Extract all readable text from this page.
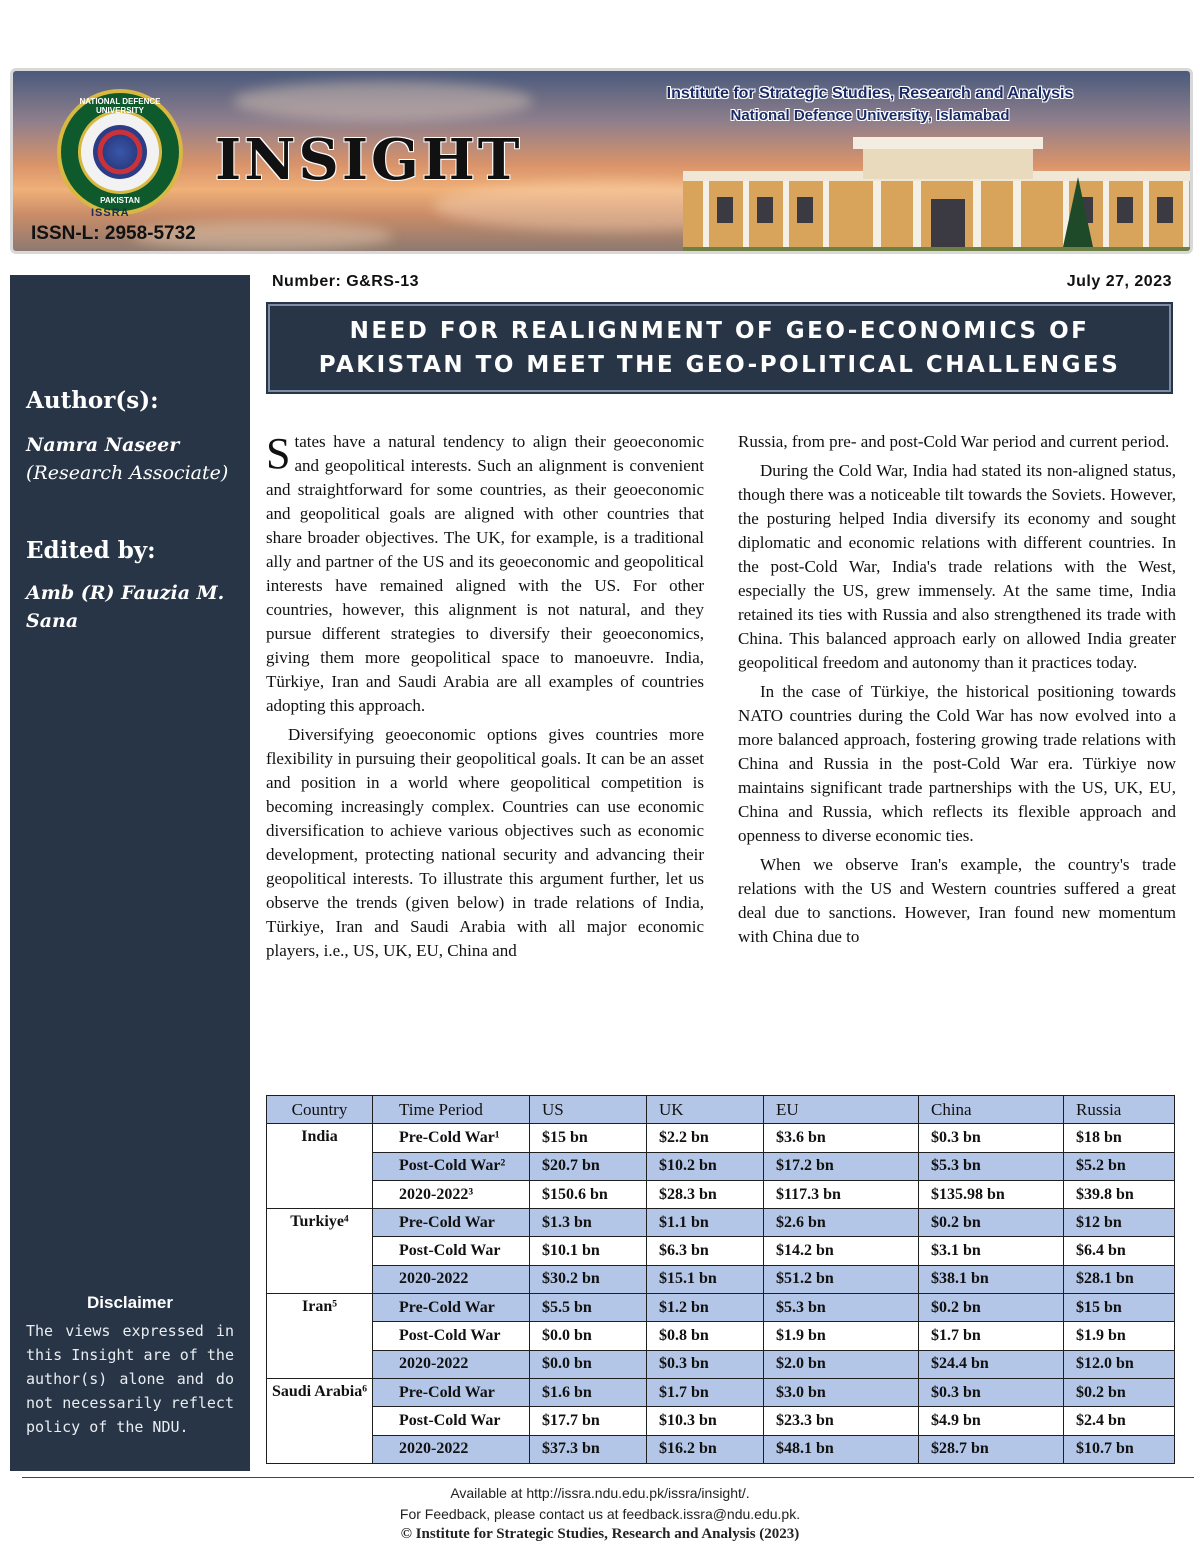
NATIONAL DEFENCE UNIVERSITY
PAKISTAN
ISSRA
ISSN-L: 2958-5732
INSIGHT
Institute for Strategic Studies, Research and Analysis
National Defence University, Islamabad
Author(s):
Namra Naseer
(Research Associate)
Edited by:
Amb (R) Fauzia M. Sana
Disclaimer
The views expressed in this Insight are of the author(s) alone and do not necessarily reflect policy of the NDU.
Number: G&RS-13	July 27, 2023
NEED FOR REALIGNMENT OF GEO-ECONOMICS OF
PAKISTAN TO MEET THE GEO-POLITICAL CHALLENGES

States have a natural tendency to align their geoeconomic and geopolitical interests. Such an alignment is convenient and straightforward for some countries, as their geoeconomic and geopolitical goals are aligned with other countries that share broader objectives. The UK, for example, is a traditional ally and partner of the US and its geoeconomic and geopolitical interests have remained aligned with the US. For other countries, however, this alignment is not natural, and they pursue different strategies to diversify their geoeconomics, giving them more geopolitical space to manoeuvre. India, Türkiye, Iran and Saudi Arabia are all examples of countries adopting this approach.

Diversifying geoeconomic options gives countries more flexibility in pursuing their geopolitical goals. It can be an asset and position in a world where geopolitical competition is becoming increasingly complex. Countries can use economic diversification to achieve various objectives such as economic development, protecting national security and advancing their geopolitical interests. To illustrate this argument further, let us observe the trends (given below) in trade relations of India, Türkiye, Iran and Saudi Arabia with all major economic players, i.e., US, UK, EU, China and

Russia, from pre- and post-Cold War period and current period.

During the Cold War, India had stated its non-aligned status, though there was a noticeable tilt towards the Soviets. However, the posturing helped India diversify its economy and sought diplomatic and economic relations with different countries. In the post-Cold War, India's trade relations with the West, especially the US, grew immensely. At the same time, India retained its ties with Russia and also strengthened its trade with China. This balanced approach early on allowed India greater geopolitical freedom and autonomy than it practices today.

In the case of Türkiye, the historical positioning towards NATO countries during the Cold War has now evolved into a more balanced approach, fostering growing trade relations with China and Russia in the post-Cold War era. Türkiye now maintains significant trade partnerships with the US, UK, EU, China and Russia, which reflects its flexible approach and openness to diverse economic ties.

When we observe Iran's example, the country's trade relations with the US and Western countries suffered a great deal due to sanctions. However, Iran found new momentum with China due to

Country	Time Period	US	UK	EU	China	Russia
India	Pre-Cold War¹	$15 bn	$2.2 bn	$3.6 bn	$0.3 bn	$18 bn
	Post-Cold War²	$20.7 bn	$10.2 bn	$17.2 bn	$5.3 bn	$5.2 bn
	2020-2022³	$150.6 bn	$28.3 bn	$117.3 bn	$135.98 bn	$39.8 bn
Turkiye⁴	Pre-Cold War	$1.3 bn	$1.1 bn	$2.6 bn	$0.2 bn	$12 bn
	Post-Cold War	$10.1 bn	$6.3 bn	$14.2 bn	$3.1 bn	$6.4 bn
	2020-2022	$30.2 bn	$15.1 bn	$51.2 bn	$38.1 bn	$28.1 bn
Iran⁵	Pre-Cold War	$5.5 bn	$1.2 bn	$5.3 bn	$0.2 bn	$15 bn
	Post-Cold War	$0.0 bn	$0.8 bn	$1.9 bn	$1.7 bn	$1.9 bn
	2020-2022	$0.0 bn	$0.3 bn	$2.0 bn	$24.4 bn	$12.0 bn
Saudi Arabia⁶	Pre-Cold War	$1.6 bn	$1.7 bn	$3.0 bn	$0.3 bn	$0.2 bn
	Post-Cold War	$17.7 bn	$10.3 bn	$23.3 bn	$4.9 bn	$2.4 bn
	2020-2022	$37.3 bn	$16.2 bn	$48.1 bn	$28.7 bn	$10.7 bn
Available at http://issra.ndu.edu.pk/issra/insight/.
For Feedback, please contact us at feedback.issra@ndu.edu.pk.
© Institute for Strategic Studies, Research and Analysis (2023)
